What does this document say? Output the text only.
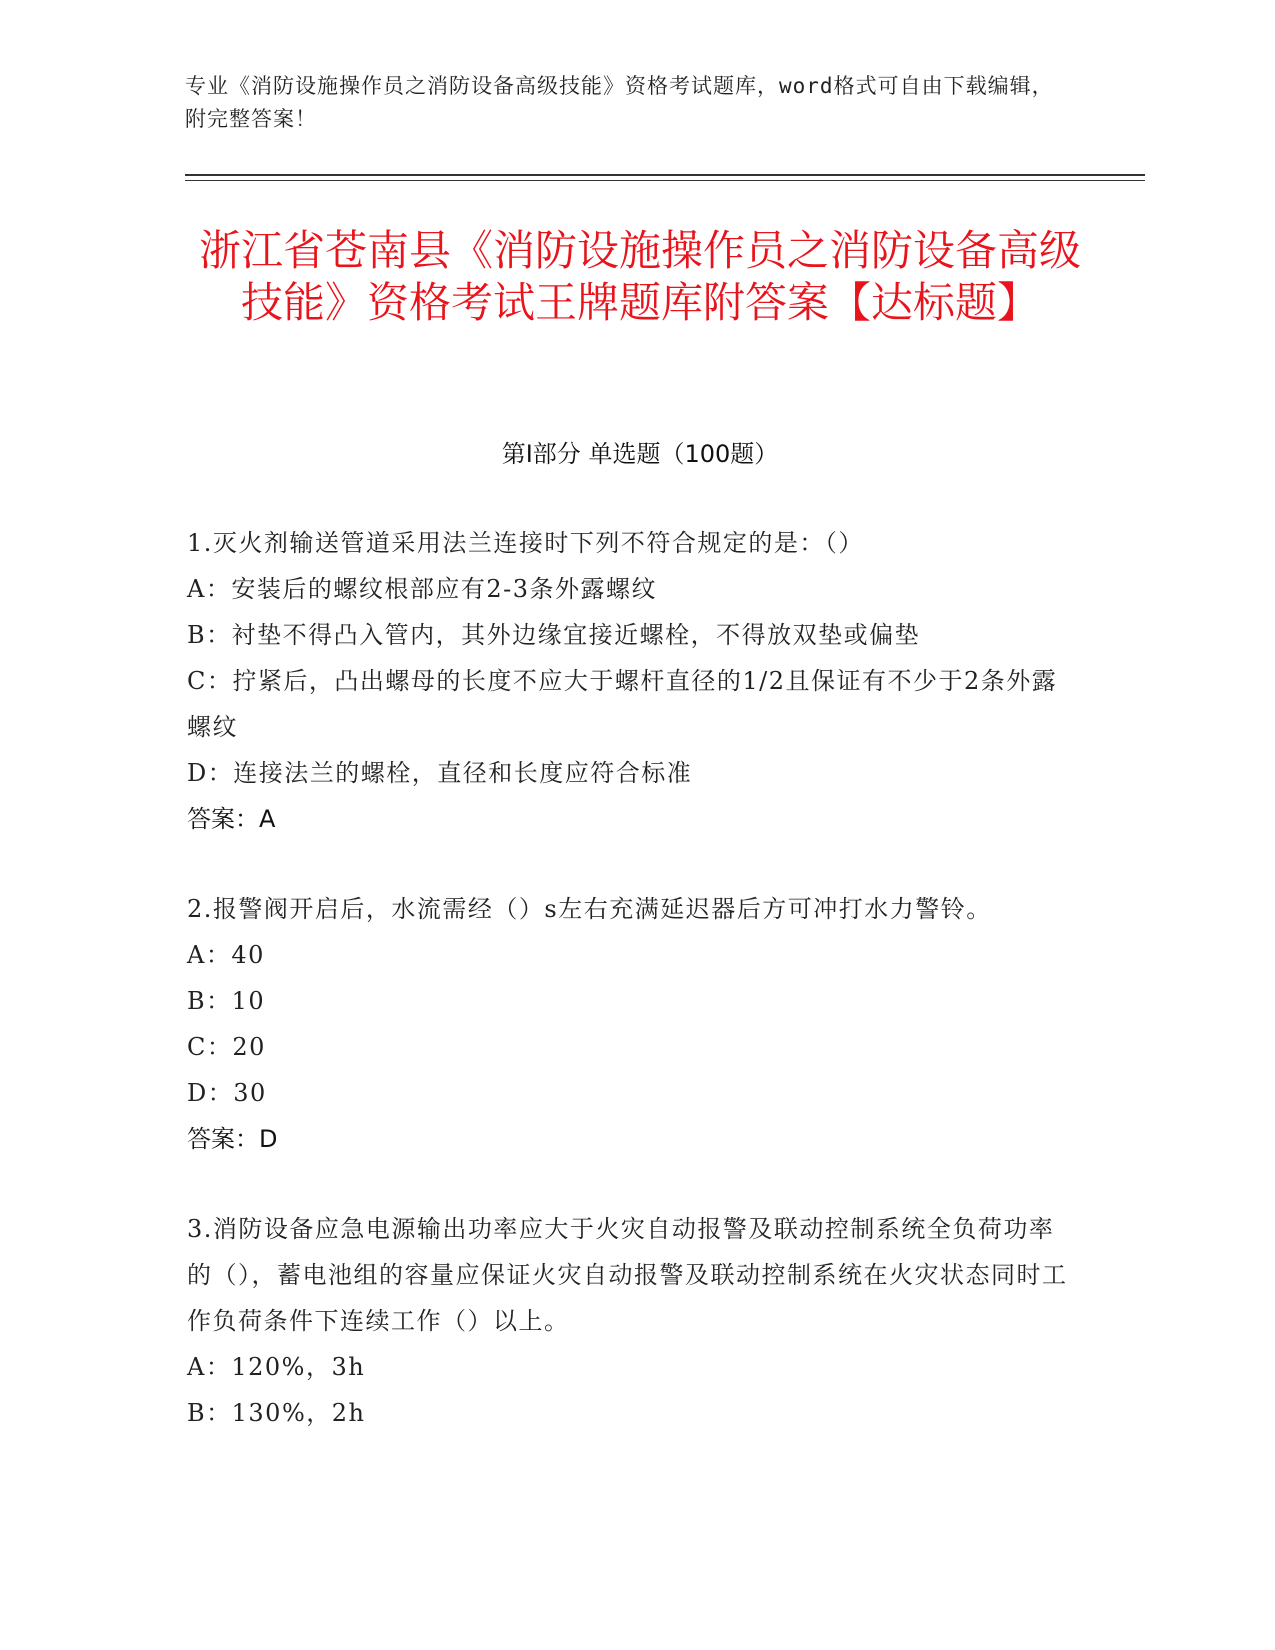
专业《消防设施操作员之消防设备高级技能》资格考试题库，word格式可自由下载编辑，附完整答案！
浙江省苍南县《消防设施操作员之消防设备高级技能》资格考试王牌题库附答案【达标题】
第I部分 单选题（100题）
1.灭火剂输送管道采用法兰连接时下列不符合规定的是：（）
A：安装后的螺纹根部应有2-3条外露螺纹
B：衬垫不得凸入管内，其外边缘宜接近螺栓，不得放双垫或偏垫
C：拧紧后，凸出螺母的长度不应大于螺杆直径的1/2且保证有不少于2条外露螺纹
D：连接法兰的螺栓，直径和长度应符合标准
答案：A
2.报警阀开启后，水流需经（）s左右充满延迟器后方可冲打水力警铃。
A：40
B：10
C：20
D：30
答案：D
3.消防设备应急电源输出功率应大于火灾自动报警及联动控制系统全负荷功率的（），蓄电池组的容量应保证火灾自动报警及联动控制系统在火灾状态同时工作负荷条件下连续工作（）以上。
A：120%，3h
B：130%，2h
